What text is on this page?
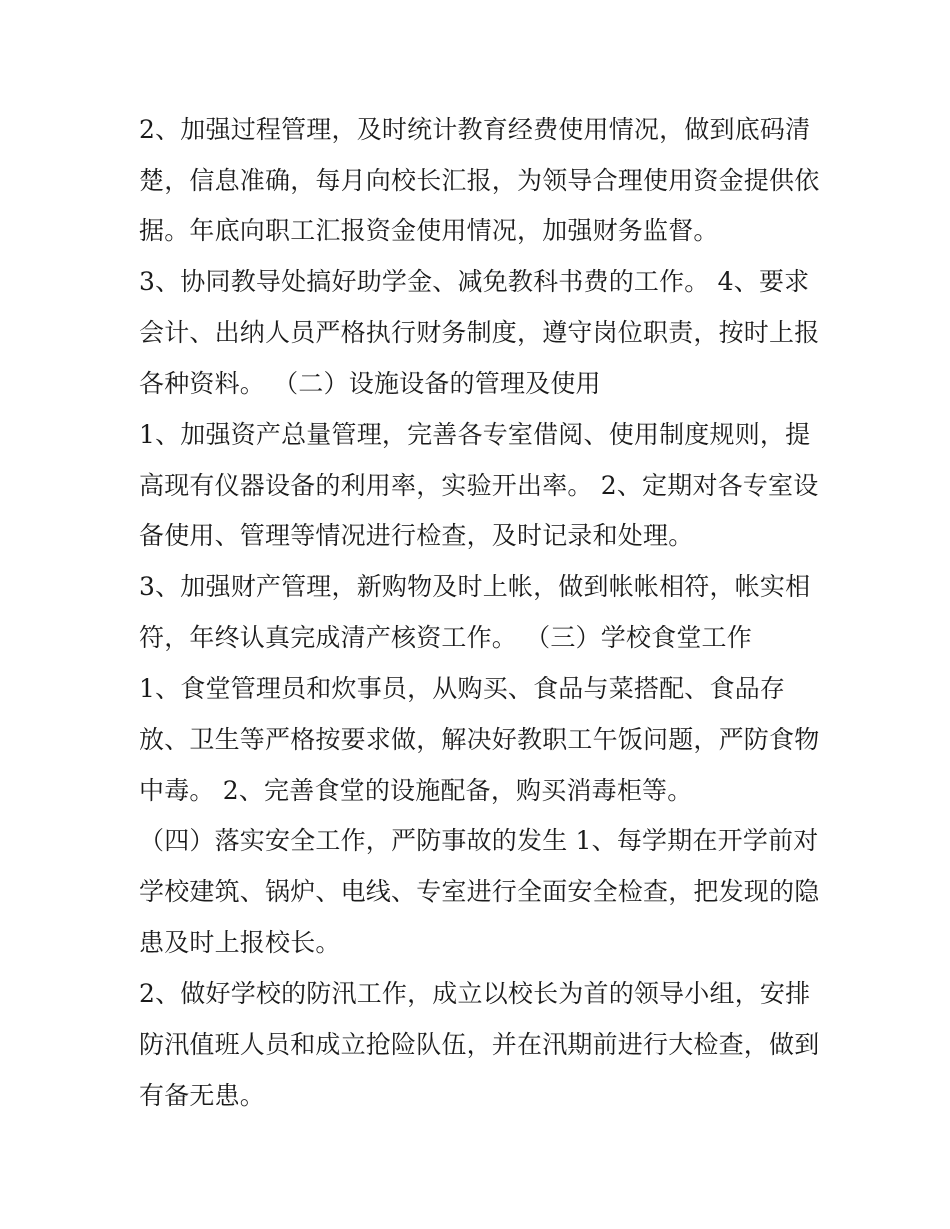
2、加强过程管理，及时统计教育经费使用情况，做到底码清
楚，信息准确，每月向校长汇报，为领导合理使用资金提供依
据。年底向职工汇报资金使用情况，加强财务监督。
3、协同教导处搞好助学金、减免教科书费的工作。 4、要求
会计、出纳人员严格执行财务制度，遵守岗位职责，按时上报
各种资料。 （二）设施设备的管理及使用
1、加强资产总量管理，完善各专室借阅、使用制度规则，提
高现有仪器设备的利用率，实验开出率。 2、定期对各专室设
备使用、管理等情况进行检查，及时记录和处理。
3、加强财产管理，新购物及时上帐，做到帐帐相符，帐实相
符，年终认真完成清产核资工作。 （三）学校食堂工作
1、食堂管理员和炊事员，从购买、食品与菜搭配、食品存
放、卫生等严格按要求做，解决好教职工午饭问题，严防食物
中毒。 2、完善食堂的设施配备，购买消毒柜等。
（四）落实安全工作，严防事故的发生 1、每学期在开学前对
学校建筑、锅炉、电线、专室进行全面安全检查，把发现的隐
患及时上报校长。
2、做好学校的防汛工作，成立以校长为首的领导小组，安排
防汛值班人员和成立抢险队伍，并在汛期前进行大检查，做到
有备无患。
